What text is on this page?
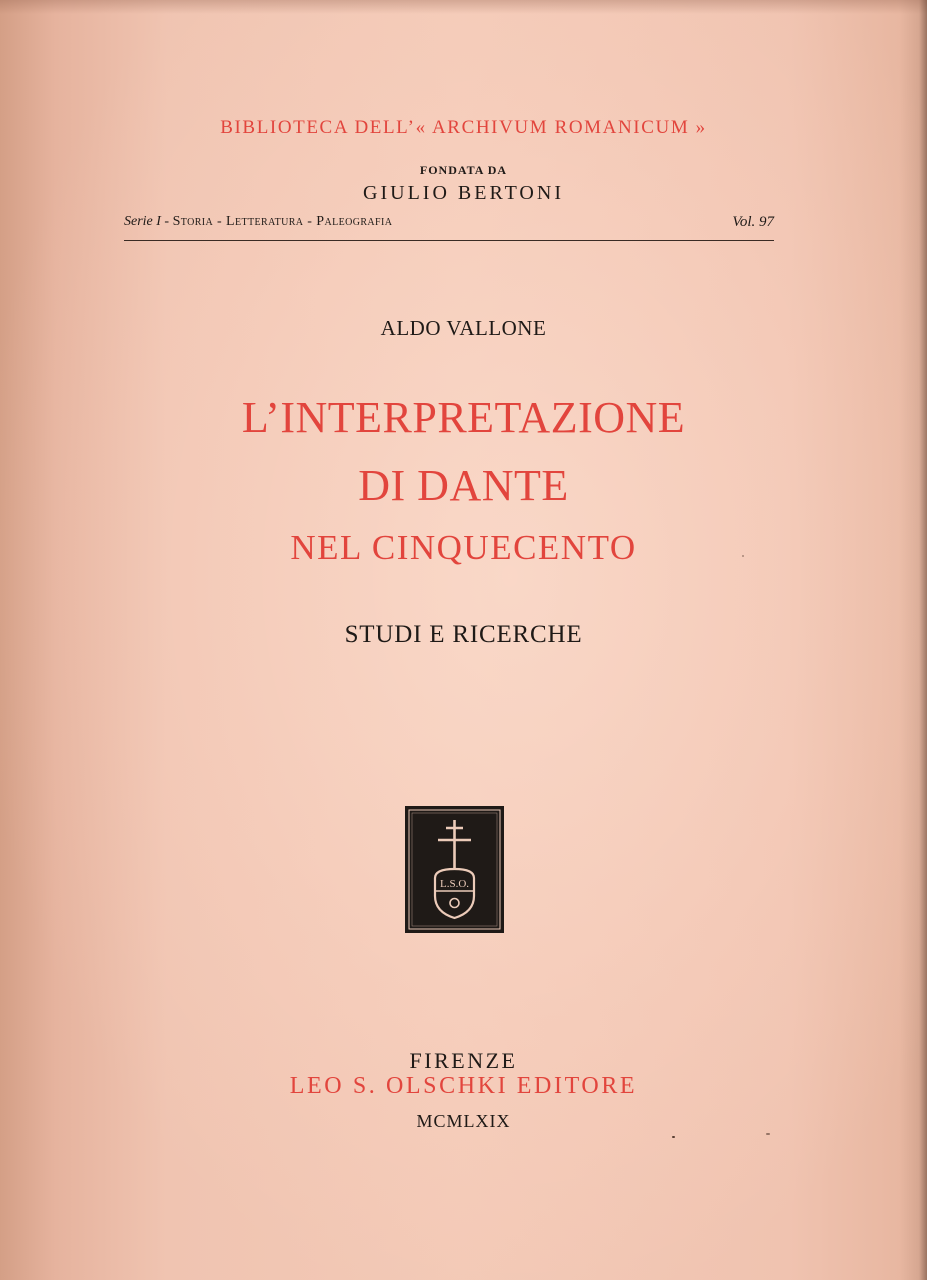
BIBLIOTECA DELL’« ARCHIVUM ROMANICUM »
FONDATA DA
GIULIO BERTONI
Serie I - Storia - Letteratura - Paleografia	Vol. 97
ALDO VALLONE
L’INTERPRETAZIONE
DI DANTE
NEL CINQUECENTO
STUDI E RICERCHE
L.S.O.
FIRENZE
LEO S. OLSCHKI EDITORE
MCMLXIX
